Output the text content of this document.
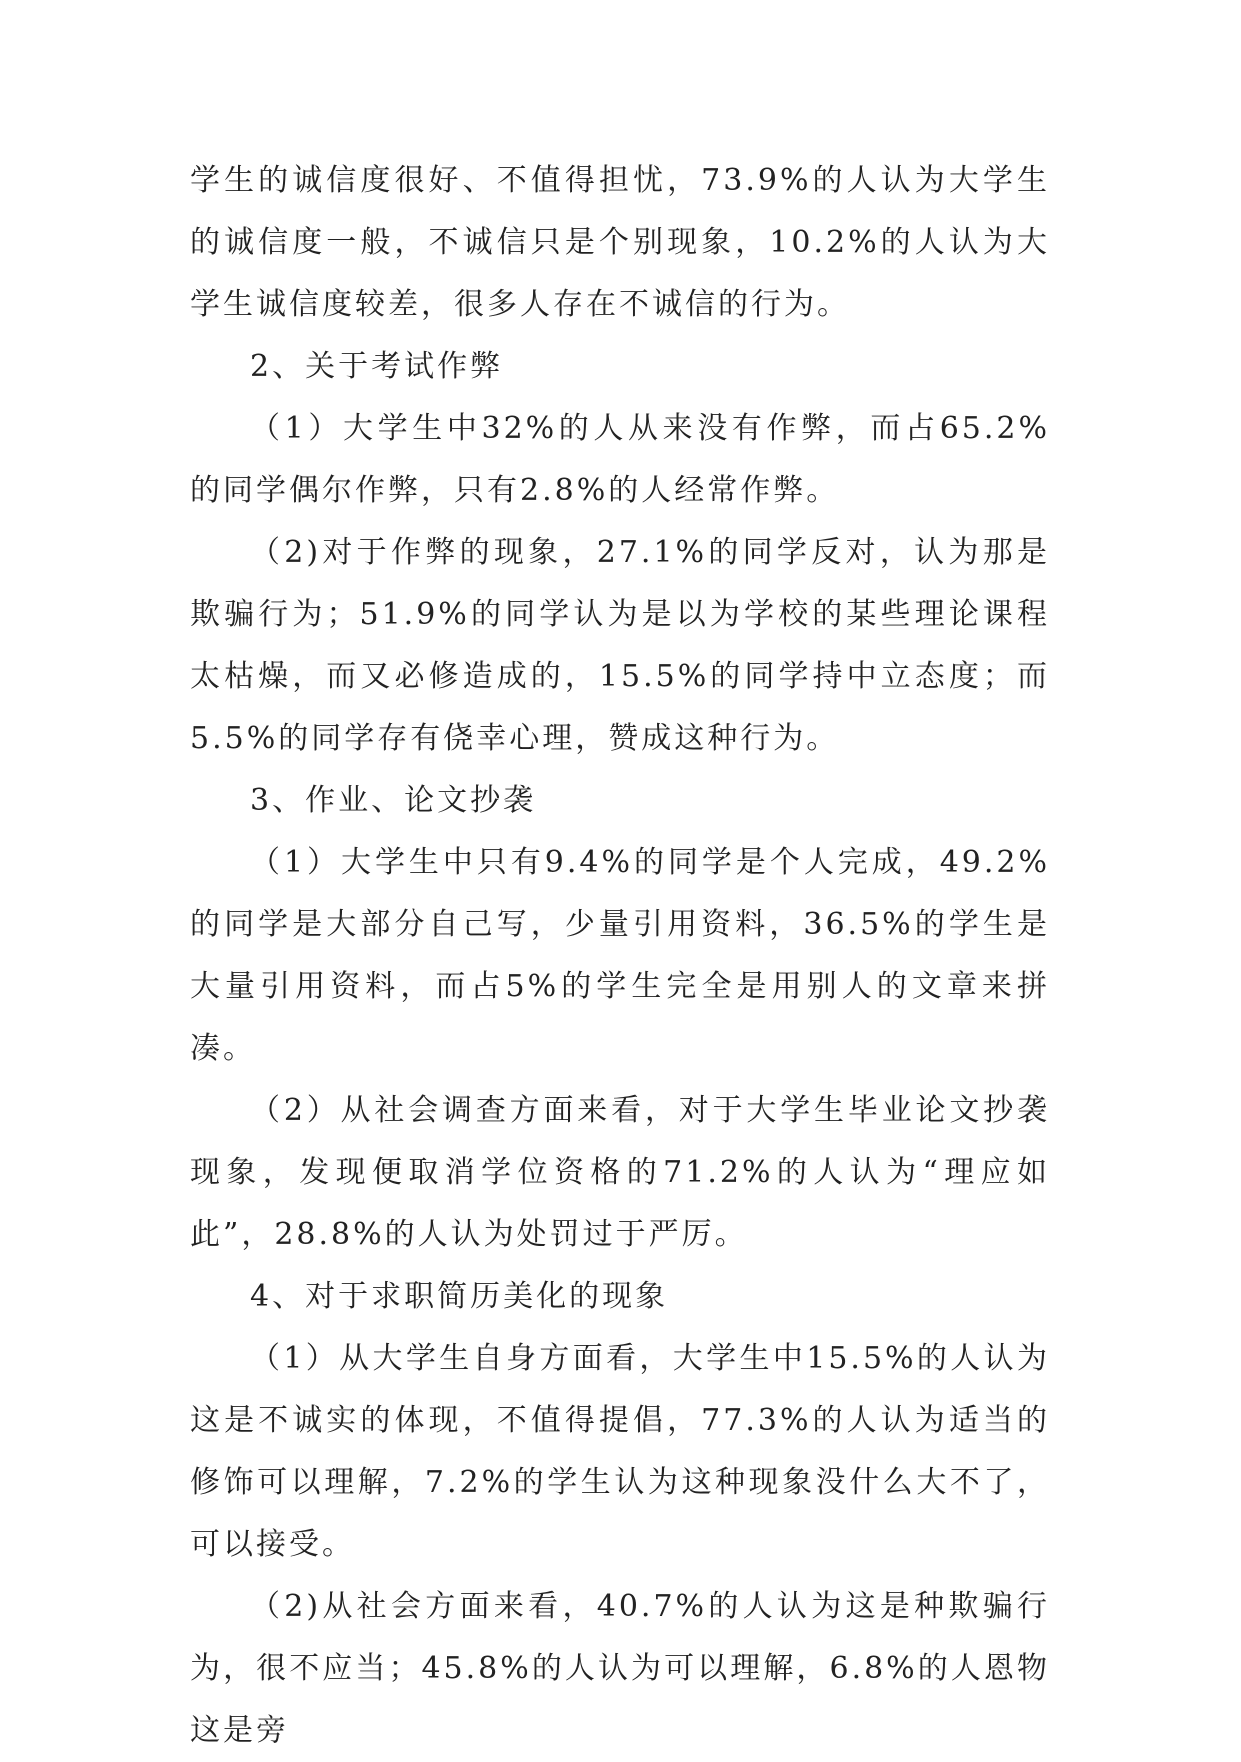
学生的诚信度很好、不值得担忧，73.9%的人认为大学生的诚信度一般，不诚信只是个别现象，10.2%的人认为大学生诚信度较差，很多人存在不诚信的行为。

2、关于考试作弊

（1）大学生中32%的人从来没有作弊，而占65.2%的同学偶尔作弊，只有2.8%的人经常作弊。

（2)对于作弊的现象，27.1%的同学反对，认为那是欺骗行为；51.9%的同学认为是以为学校的某些理论课程太枯燥，而又必修造成的，15.5%的同学持中立态度；而5.5%的同学存有侥幸心理，赞成这种行为。

3、作业、论文抄袭

（1）大学生中只有9.4%的同学是个人完成，49.2%的同学是大部分自己写，少量引用资料，36.5%的学生是大量引用资料，而占5%的学生完全是用别人的文章来拼凑。

（2）从社会调查方面来看，对于大学生毕业论文抄袭现象，发现便取消学位资格的71.2%的人认为“理应如此”，28.8%的人认为处罚过于严厉。

4、对于求职简历美化的现象

（1）从大学生自身方面看，大学生中15.5%的人认为这是不诚实的体现，不值得提倡，77.3%的人认为适当的修饰可以理解，7.2%的学生认为这种现象没什么大不了，可以接受。

（2)从社会方面来看，40.7%的人认为这是种欺骗行为，很不应当；45.8%的人认为可以理解，6.8%的人恩物这是旁
